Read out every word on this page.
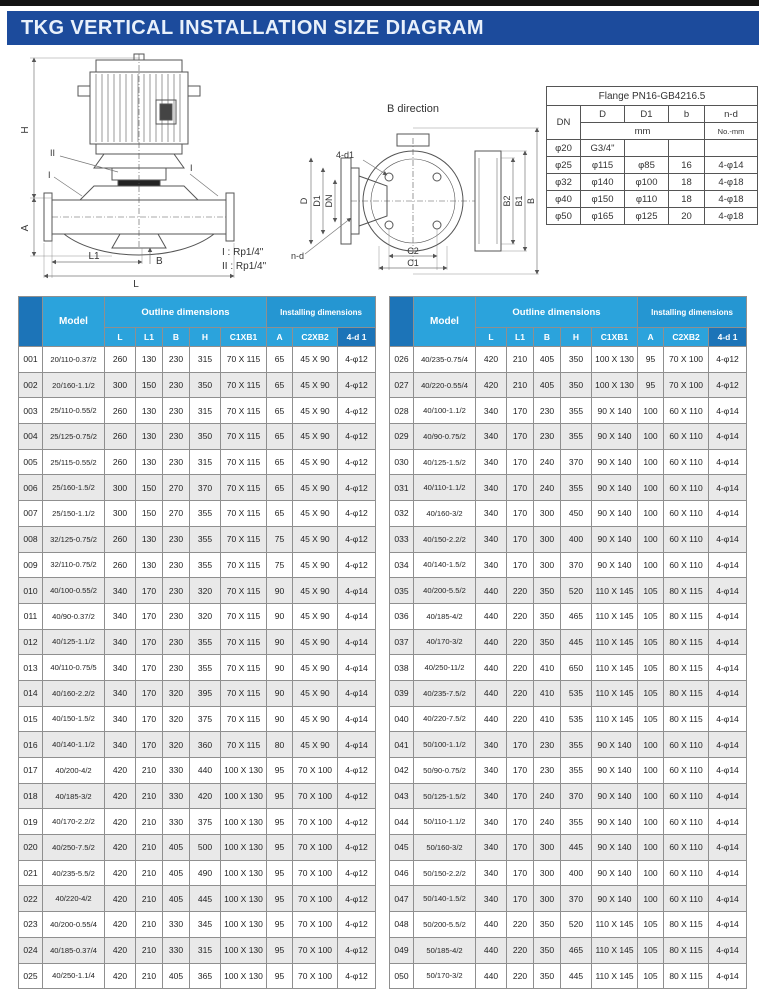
TKG VERTICAL INSTALLATION SIZE DIAGRAM
H
A
L1
L
B
II
I
I
B direction
4-d1
D D1 DN
n-d
B2 B1 B
C2
C1
I : Rp1/4"
II : Rp1/4"
Flange PN16-GB4216.5				
DN	D	D1	b	n-d
	mm			No.-mm
φ20	G3/4"			
φ25	φ115	φ85	16	4-φ14
φ32	φ140	φ100	18	4-φ18
φ40	φ150	φ110	18	4-φ18
φ50	φ165	φ125	20	4-φ18
	Model	Outline dimensions					Installing dimensions		
		L	L1	B	H	C1XB1	A	C2XB2	4-d 1
001	20/110-0.37/2	260	130	230	315	70 X 115	65	45 X 90	4-φ12
002	20/160-1.1/2	300	150	230	350	70 X 115	65	45 X 90	4-φ12
003	25/110-0.55/2	260	130	230	315	70 X 115	65	45 X 90	4-φ12
004	25/125-0.75/2	260	130	230	350	70 X 115	65	45 X 90	4-φ12
005	25/115-0.55/2	260	130	230	315	70 X 115	65	45 X 90	4-φ12
006	25/160-1.5/2	300	150	270	370	70 X 115	65	45 X 90	4-φ12
007	25/150-1.1/2	300	150	270	355	70 X 115	65	45 X 90	4-φ12
008	32/125-0.75/2	260	130	230	355	70 X 115	75	45 X 90	4-φ12
009	32/110-0.75/2	260	130	230	355	70 X 115	75	45 X 90	4-φ12
010	40/100-0.55/2	340	170	230	320	70 X 115	90	45 X 90	4-φ14
011	40/90-0.37/2	340	170	230	320	70 X 115	90	45 X 90	4-φ14
012	40/125-1.1/2	340	170	230	355	70 X 115	90	45 X 90	4-φ14
013	40/110-0.75/5	340	170	230	355	70 X 115	90	45 X 90	4-φ14
014	40/160-2.2/2	340	170	320	395	70 X 115	90	45 X 90	4-φ14
015	40/150-1.5/2	340	170	320	375	70 X 115	90	45 X 90	4-φ14
016	40/140-1.1/2	340	170	320	360	70 X 115	80	45 X 90	4-φ14
017	40/200-4/2	420	210	330	440	100 X 130	95	70 X 100	4-φ12
018	40/185-3/2	420	210	330	420	100 X 130	95	70 X 100	4-φ12
019	40/170-2.2/2	420	210	330	375	100 X 130	95	70 X 100	4-φ12
020	40/250-7.5/2	420	210	405	500	100 X 130	95	70 X 100	4-φ12
021	40/235-5.5/2	420	210	405	490	100 X 130	95	70 X 100	4-φ12
022	40/220-4/2	420	210	405	445	100 X 130	95	70 X 100	4-φ12
023	40/200-0.55/4	420	210	330	345	100 X 130	95	70 X 100	4-φ12
024	40/185-0.37/4	420	210	330	315	100 X 130	95	70 X 100	4-φ12
025	40/250-1.1/4	420	210	405	365	100 X 130	95	70 X 100	4-φ12
	Model	Outline dimensions					Installing dimensions		
		L	L1	B	H	C1XB1	A	C2XB2	4-d 1
026	40/235-0.75/4	420	210	405	350	100 X 130	95	70 X 100	4-φ12
027	40/220-0.55/4	420	210	405	350	100 X 130	95	70 X 100	4-φ12
028	40/100-1.1/2	340	170	230	355	90 X 140	100	60 X 110	4-φ14
029	40/90-0.75/2	340	170	230	355	90 X 140	100	60 X 110	4-φ14
030	40/125-1.5/2	340	170	240	370	90 X 140	100	60 X 110	4-φ14
031	40/110-1.1/2	340	170	240	355	90 X 140	100	60 X 110	4-φ14
032	40/160-3/2	340	170	300	450	90 X 140	100	60 X 110	4-φ14
033	40/150-2.2/2	340	170	300	400	90 X 140	100	60 X 110	4-φ14
034	40/140-1.5/2	340	170	300	370	90 X 140	100	60 X 110	4-φ14
035	40/200-5.5/2	440	220	350	520	110 X 145	105	80 X 115	4-φ14
036	40/185-4/2	440	220	350	465	110 X 145	105	80 X 115	4-φ14
037	40/170-3/2	440	220	350	445	110 X 145	105	80 X 115	4-φ14
038	40/250-11/2	440	220	410	650	110 X 145	105	80 X 115	4-φ14
039	40/235-7.5/2	440	220	410	535	110 X 145	105	80 X 115	4-φ14
040	40/220-7.5/2	440	220	410	535	110 X 145	105	80 X 115	4-φ14
041	50/100-1.1/2	340	170	230	355	90 X 140	100	60 X 110	4-φ14
042	50/90-0.75/2	340	170	230	355	90 X 140	100	60 X 110	4-φ14
043	50/125-1.5/2	340	170	240	370	90 X 140	100	60 X 110	4-φ14
044	50/110-1.1/2	340	170	240	355	90 X 140	100	60 X 110	4-φ14
045	50/160-3/2	340	170	300	445	90 X 140	100	60 X 110	4-φ14
046	50/150-2.2/2	340	170	300	400	90 X 140	100	60 X 110	4-φ14
047	50/140-1.5/2	340	170	300	370	90 X 140	100	60 X 110	4-φ14
048	50/200-5.5/2	440	220	350	520	110 X 145	105	80 X 115	4-φ14
049	50/185-4/2	440	220	350	465	110 X 145	105	80 X 115	4-φ14
050	50/170-3/2	440	220	350	445	110 X 145	105	80 X 115	4-φ14
